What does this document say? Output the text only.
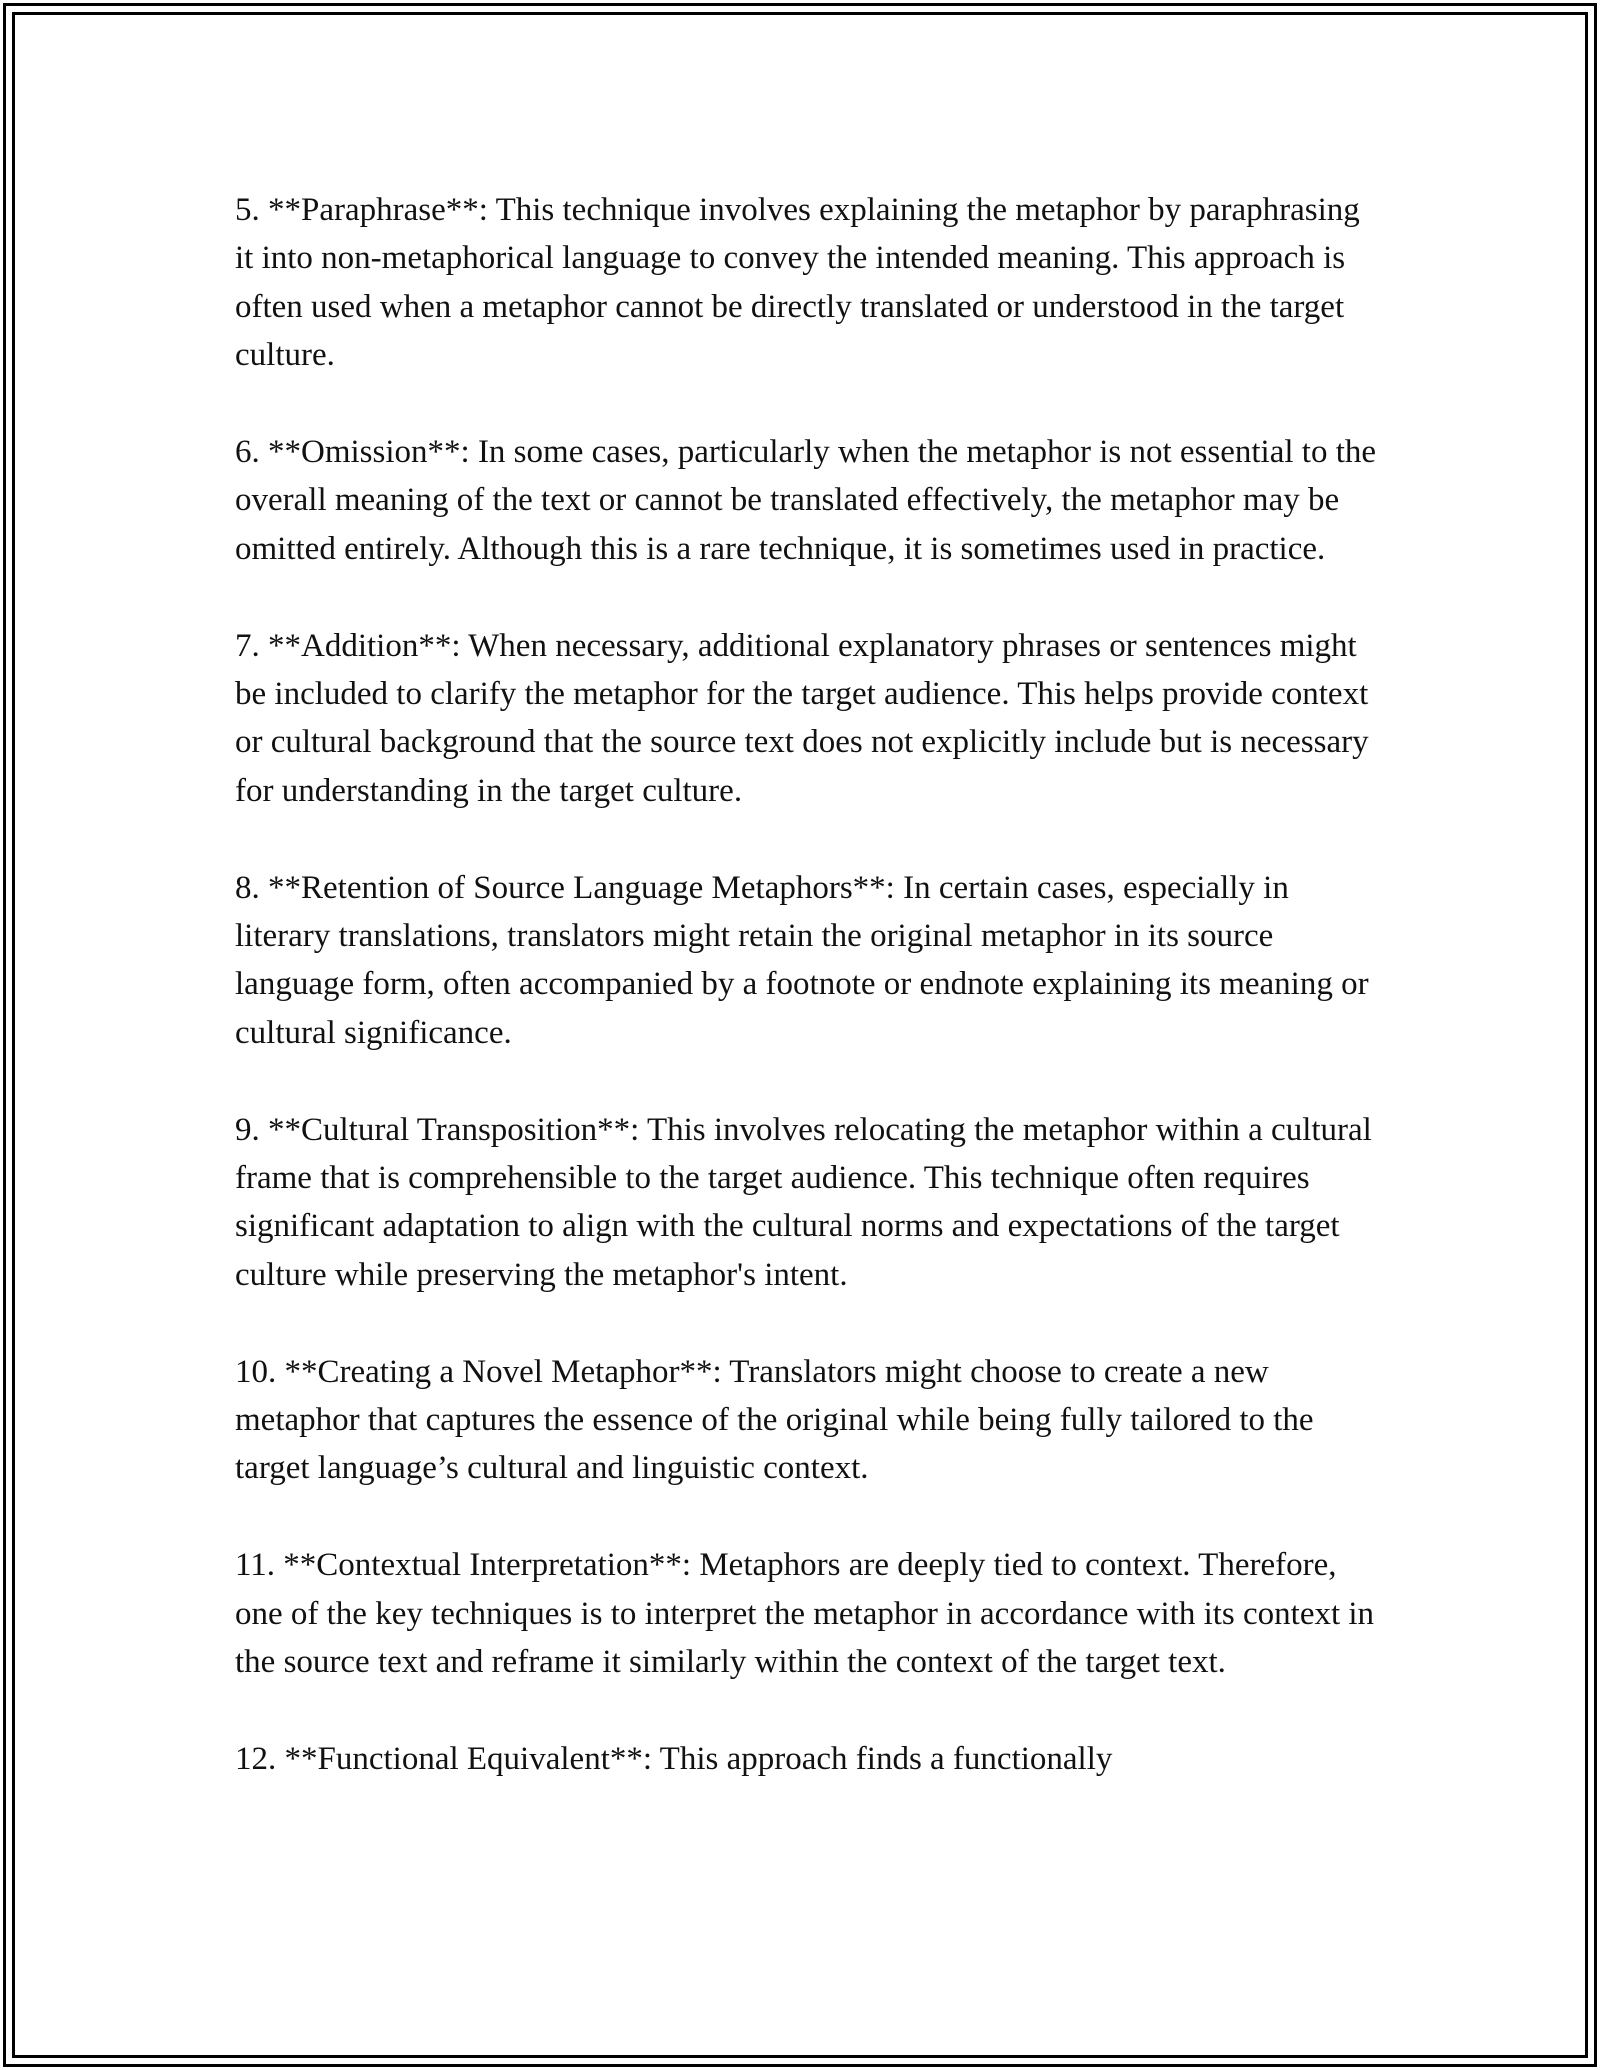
5. **Paraphrase**: This technique involves explaining the metaphor by paraphrasing it into non-metaphorical language to convey the intended meaning. This approach is often used when a metaphor cannot be directly translated or understood in the target culture.

6. **Omission**: In some cases, particularly when the metaphor is not essential to the overall meaning of the text or cannot be translated effectively, the metaphor may be omitted entirely. Although this is a rare technique, it is sometimes used in practice.

7. **Addition**: When necessary, additional explanatory phrases or sentences might be included to clarify the metaphor for the target audience. This helps provide context or cultural background that the source text does not explicitly include but is necessary for understanding in the target culture.

8. **Retention of Source Language Metaphors**: In certain cases, especially in literary translations, translators might retain the original metaphor in its source language form, often accompanied by a footnote or endnote explaining its meaning or cultural significance.

9. **Cultural Transposition**: This involves relocating the metaphor within a cultural frame that is comprehensible to the target audience. This technique often requires significant adaptation to align with the cultural norms and expectations of the target culture while preserving the metaphor's intent.

10. **Creating a Novel Metaphor**: Translators might choose to create a new metaphor that captures the essence of the original while being fully tailored to the target language’s cultural and linguistic context.

11. **Contextual Interpretation**: Metaphors are deeply tied to context. Therefore, one of the key techniques is to interpret the metaphor in accordance with its context in the source text and reframe it similarly within the context of the target text.

12. **Functional Equivalent**: This approach finds a functionally
